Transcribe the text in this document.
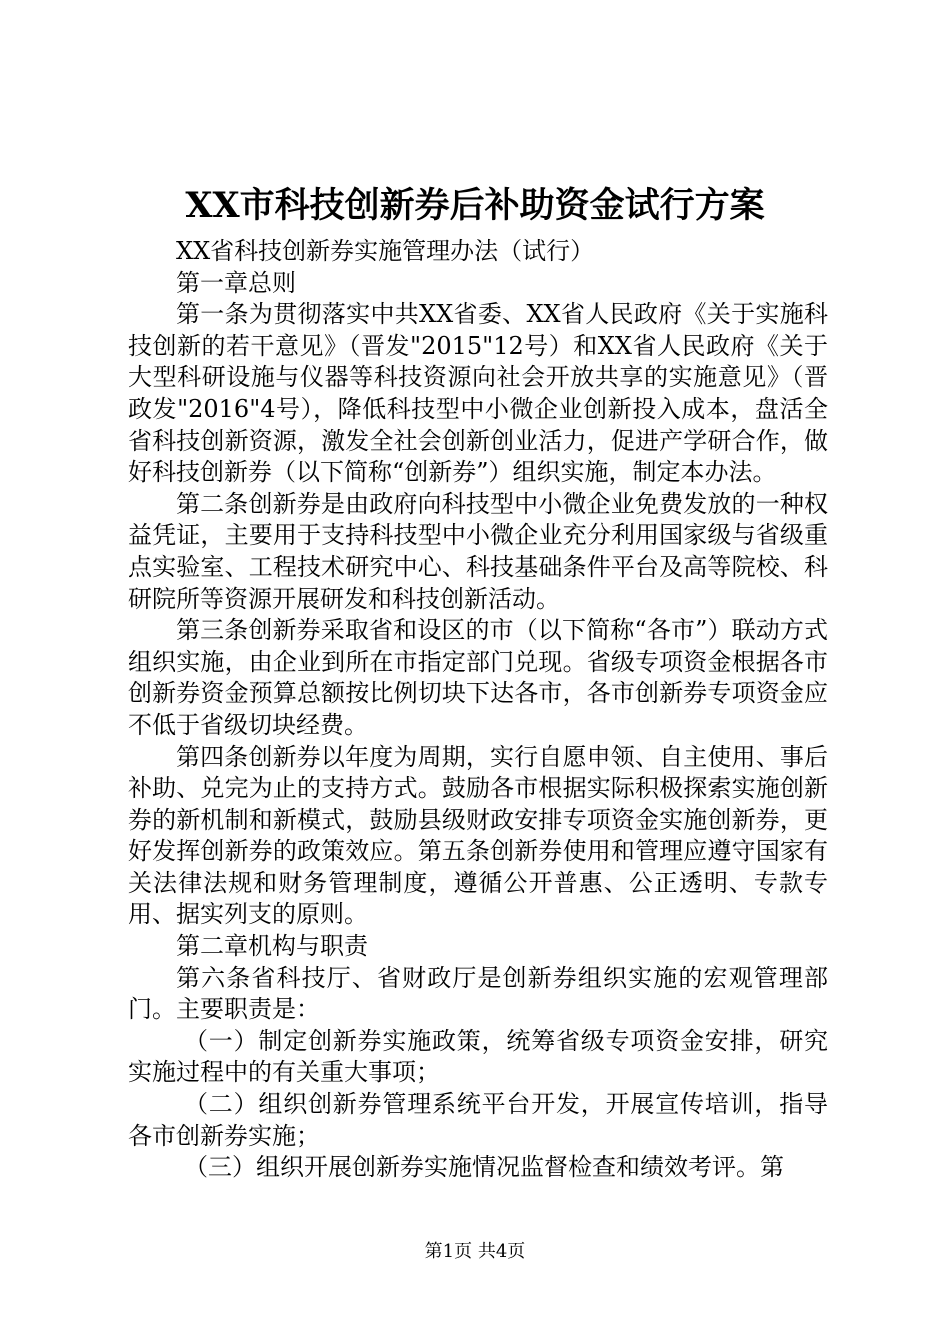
XX市科技创新券后补助资金试行方案

XX省科技创新券实施管理办法（试行）

第一章总则

第一条为贯彻落实中共XX省委、XX省人民政府《关于实施科技创新的若干意见》（晋发"2015"12号）和XX省人民政府《关于大型科研设施与仪器等科技资源向社会开放共享的实施意见》（晋政发"2016"4号），降低科技型中小微企业创新投入成本，盘活全省科技创新资源，激发全社会创新创业活力，促进产学研合作，做好科技创新券（以下简称“创新券”）组织实施，制定本办法。

第二条创新券是由政府向科技型中小微企业免费发放的一种权益凭证，主要用于支持科技型中小微企业充分利用国家级与省级重点实验室、工程技术研究中心、科技基础条件平台及高等院校、科研院所等资源开展研发和科技创新活动。

第三条创新券采取省和设区的市（以下简称“各市”）联动方式组织实施，由企业到所在市指定部门兑现。省级专项资金根据各市创新券资金预算总额按比例切块下达各市，各市创新券专项资金应不低于省级切块经费。

第四条创新券以年度为周期，实行自愿申领、自主使用、事后补助、兑完为止的支持方式。鼓励各市根据实际积极探索实施创新券的新机制和新模式，鼓励县级财政安排专项资金实施创新券，更好发挥创新券的政策效应。第五条创新券使用和管理应遵守国家有关法律法规和财务管理制度，遵循公开普惠、公正透明、专款专用、据实列支的原则。

第二章机构与职责

第六条省科技厅、省财政厅是创新券组织实施的宏观管理部门。主要职责是：

（一）制定创新券实施政策，统筹省级专项资金安排，研究实施过程中的有关重大事项；

（二）组织创新券管理系统平台开发，开展宣传培训，指导各市创新券实施；

（三）组织开展创新券实施情况监督检查和绩效考评。第

第1页 共4页
